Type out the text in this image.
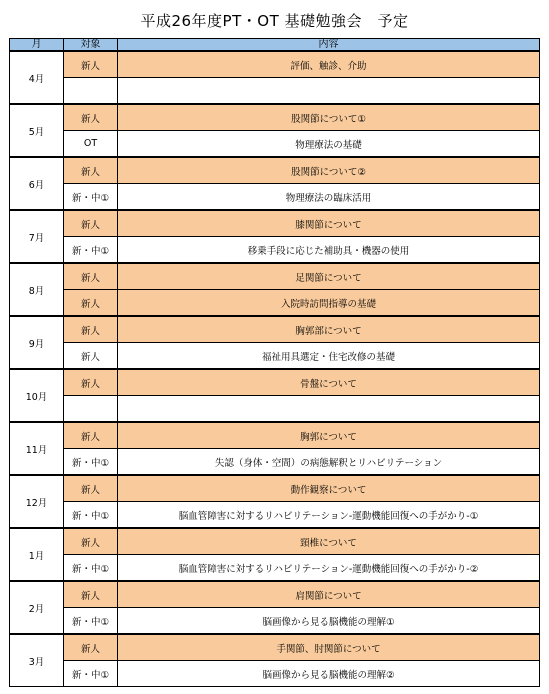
平成26年度PT・OT 基礎勉強会　予定
月	対象	内容
4月	新人	評価、触診、介助

5月	新人	股関節について①
	OT	物理療法の基礎
6月	新人	股関節について②
	新・中①	物理療法の臨床活用
7月	新人	膝関節について
	新・中①	移乗手段に応じた補助具・機器の使用
8月	新人	足関節について
	新人	入院時訪問指導の基礎
9月	新人	胸郭部について
	新人	福祉用具選定・住宅改修の基礎
10月	新人	骨盤について

11月	新人	胸郭について
	新・中①	失認（身体・空間）の病態解釈とリハビリテーション
12月	新人	動作観察について
	新・中①	脳血管障害に対するリハビリテーション-運動機能回復への手がかり-①
1月	新人	頸椎について
	新・中①	脳血管障害に対するリハビリテーション-運動機能回復への手がかり-②
2月	新人	肩関節について
	新・中①	脳画像から見る脳機能の理解①
3月	新人	手関節、肘関節について
	新・中①	脳画像から見る脳機能の理解②
